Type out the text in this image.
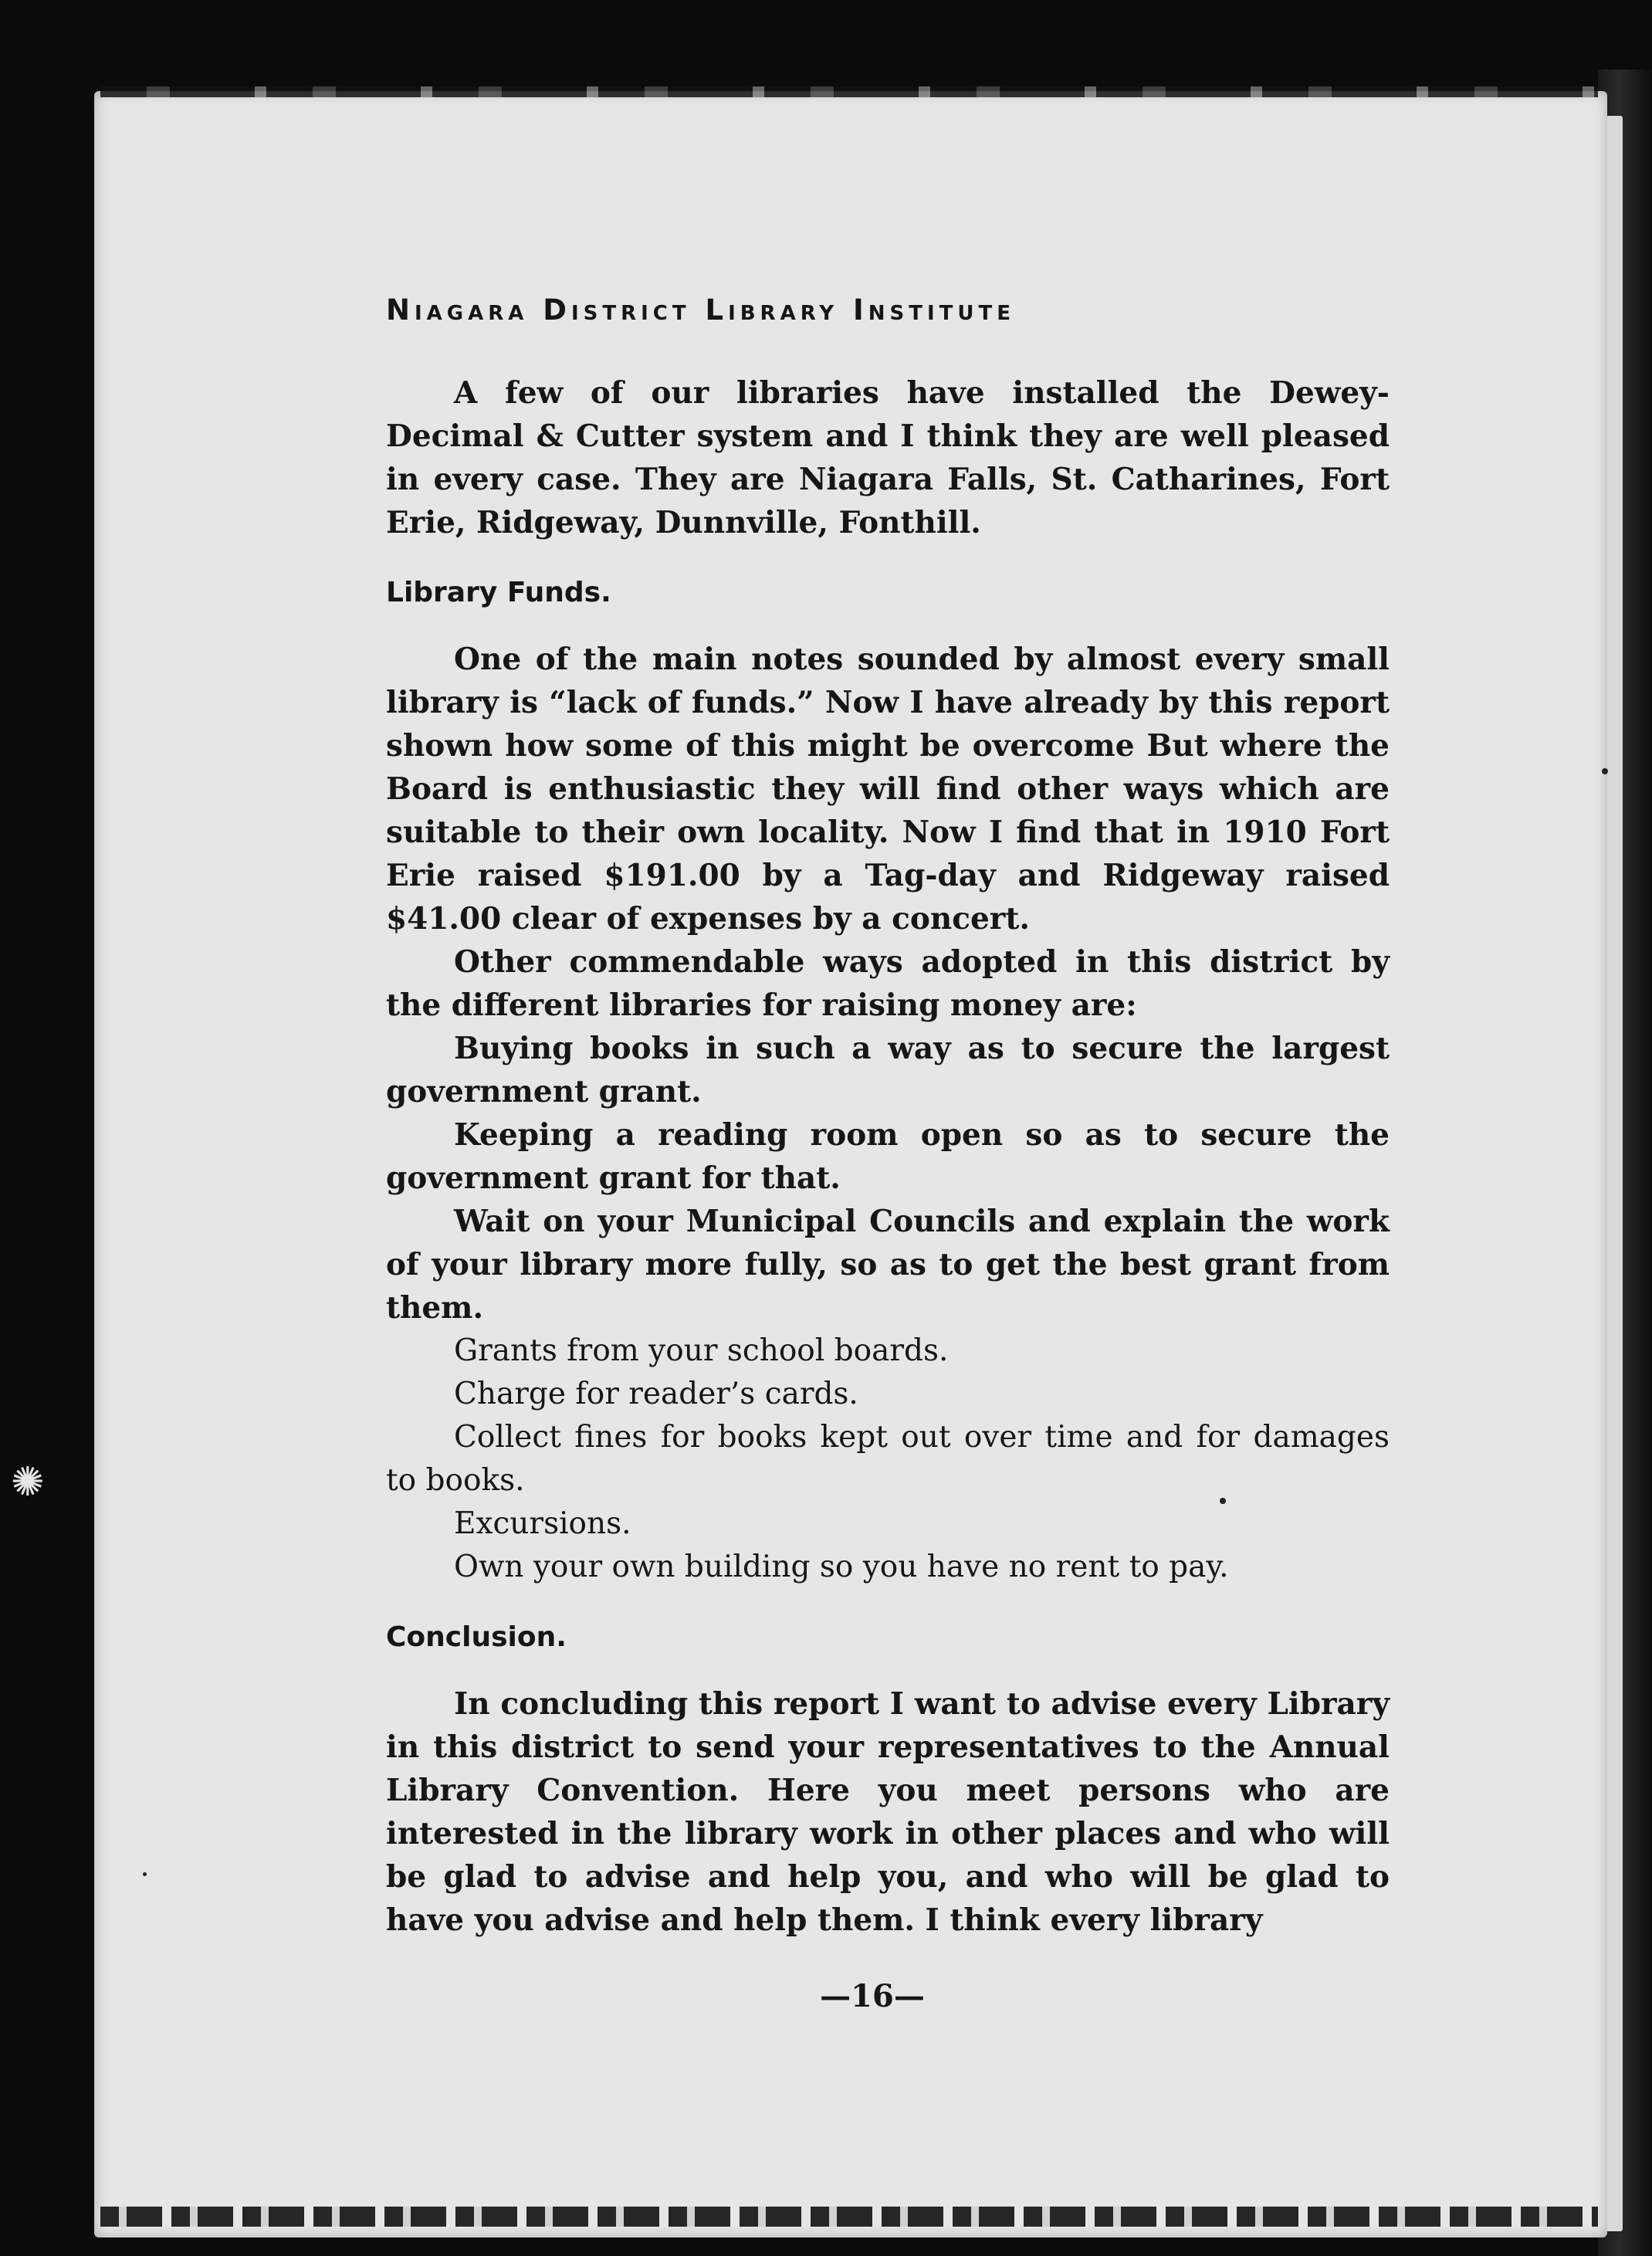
✺
Niagara District Library Institute

A few of our libraries have installed the Dewey-Decimal & Cutter system and I think they are well pleased in every case. They are Niagara Falls, St. Catharines, Fort Erie, Ridgeway, Dunnville, Fonthill.

Library Funds.

One of the main notes sounded by almost every small library is “lack of funds.” Now I have already by this report shown how some of this might be overcome But where the Board is enthusiastic they will find other ways which are suitable to their own locality. Now I find that in 1910 Fort Erie raised $191.00 by a Tag-day and Ridgeway raised $41.00 clear of expenses by a concert.

Other commendable ways adopted in this district by the different libraries for raising money are:

Buying books in such a way as to secure the largest government grant.

Keeping a reading room open so as to secure the government grant for that.

Wait on your Municipal Councils and explain the work of your library more fully, so as to get the best grant from them.

Grants from your school boards.

Charge for reader’s cards.

Collect fines for books kept out over time and for damages to books.

Excursions.

Own your own building so you have no rent to pay.

Conclusion.

In concluding this report I want to advise every Library in this district to send your representatives to the Annual Library Convention. Here you meet persons who are interested in the library work in other places and who will be glad to advise and help you, and who will be glad to have you advise and help them. I think every library

—16—
